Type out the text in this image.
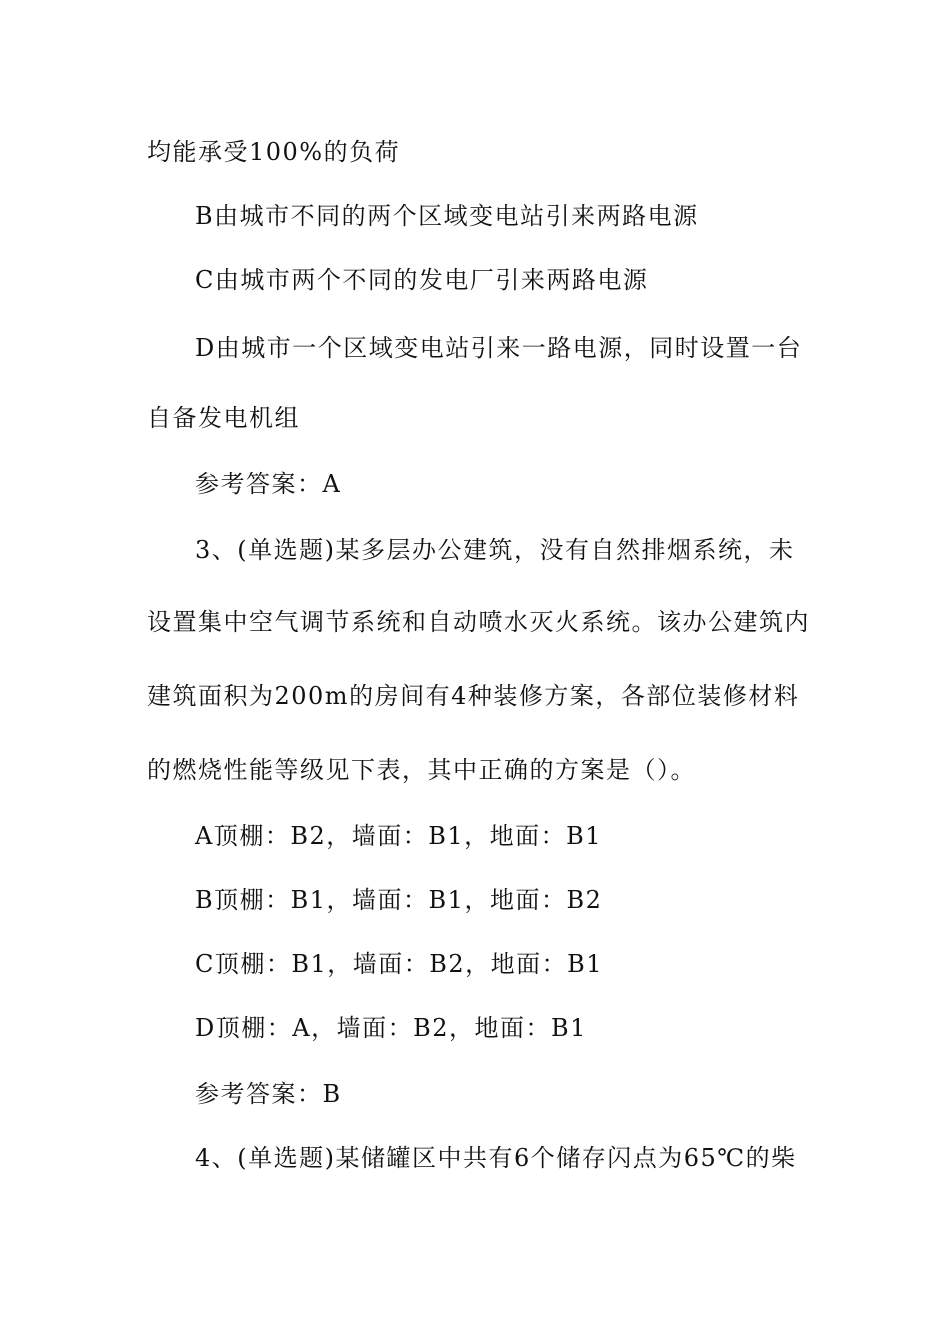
均能承受100%的负荷
B由城市不同的两个区域变电站引来两路电源
C由城市两个不同的发电厂引来两路电源
D由城市一个区域变电站引来一路电源，同时设置一台
自备发电机组
参考答案：A
3、(单选题)某多层办公建筑，没有自然排烟系统，未
设置集中空气调节系统和自动喷水灭火系统。该办公建筑内
建筑面积为200m的房间有4种装修方案，各部位装修材料
的燃烧性能等级见下表，其中正确的方案是（）。
A顶棚：B2，墙面：B1，地面：B1
B顶棚：B1，墙面：B1，地面：B2
C顶棚：B1，墙面：B2，地面：B1
D顶棚：A，墙面：B2，地面：B1
参考答案：B
4、(单选题)某储罐区中共有6个储存闪点为65℃的柴
